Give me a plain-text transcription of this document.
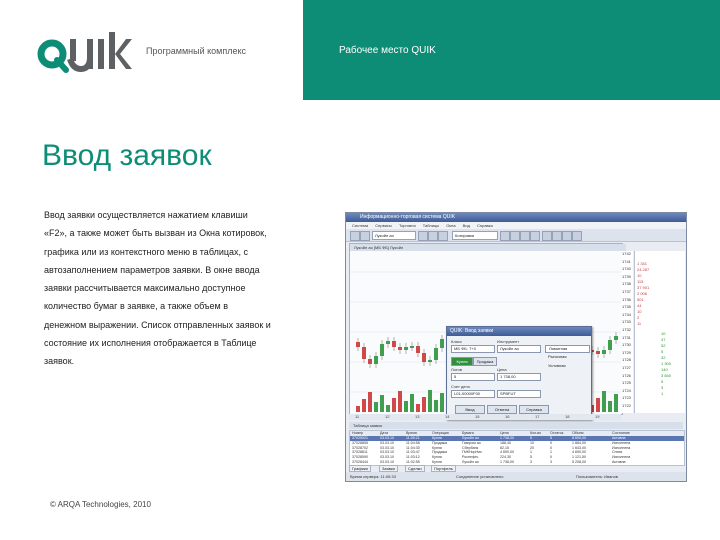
Программный комплекс	Рабочее место QUIK
Ввод заявок
Ввод заявки осуществляется нажатием клавиши
«F2», а также может быть вызван из Окна котировок,
графика или из контекстного меню в таблицах, с
автозаполнением параметров заявки. В окне ввода
заявки рассчитывается максимально доступное
количество бумаг в заявке, а также объем в
денежном выражении. Список отправленных заявок и
состояние их исполнения отображается в Таблице
заявок.
© ARQA Technologies, 2010
Информационно-торговая система QUIK
Система Сервисы Торговля Таблицы Окна Вид Справка
Лукойл ао	Котировки
Лукойл ао [МБ ФБ] Лукойл
QUIK: Ввод заявки
Класс
МБ ФБ: Т+0
Инструмент
Лукойл ао	Лимитная
Рыночная
Условная
Купля	Продажа
Лотов
5
Цена
1 738,00
Счет депо
L01-00000F00	SPBFUT
Ввод	Отмена	Справка
1742
1741
1740
1739
1738
1737
1736
1735
1734
1733
1732
1731
1730
1729
1728
1727
1726
1725
1724
1723
1722
1 341
24 287
10
115
37 901
2 006
501
44
10
2
11
10
47
52
5
32
1 300
140
3 840
5
3
1
11	12	13	14	15	16	17	18	19
Таблица заявок
Номер	Дата	Время	Операция	Бумага	Цена	Кол-во Остаток Объем	Состояние
37029021	03.03.10	11:05:21	Купля	Лукойл ао	1 738,00	5	5	8 690,00	Активна
37028855	03.03.10	11:04:58	Продажа	Газпром ао	188,40	10	0	1 884,00	Исполнена
37028702	03.03.10	11:04:30	Купля	Сбербанк	82,15	20	0	1 643,00	Исполнена
37028611	03.03.10	11:03:47	Продажа	ГМКНорНик	4 690,00	1	1	4 690,00	Снята
37028590	03.03.10	11:03:12	Купля	Роснефть	224,30	5	0	1 121,50	Исполнена
37028444	03.03.10	11:02:55	Купля	Лукойл ао	1 736,00	3	3	5 208,00	Активна
Графики	Заявки	Сделки	Портфель
Время сервера: 11:05:33	Соединение установлено	Пользователь: Иванов
